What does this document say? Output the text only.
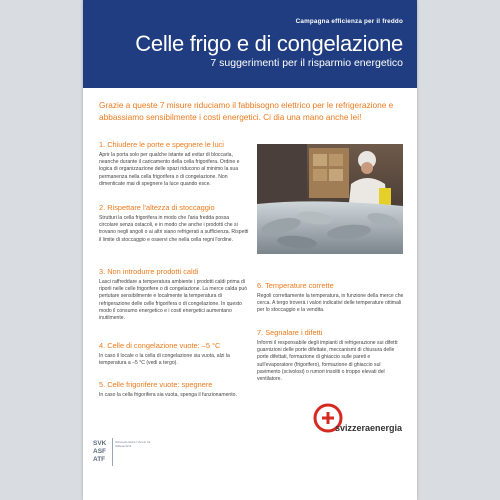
Campagna efficienza per il freddo
Celle frigo e di congelazione
7 suggerimenti per il risparmio energetico
Grazie a queste 7 misure riduciamo il fabbisogno elettrico per le refrigerazione e abbassiamo sensibilmente i costi energetici. Ci dia una mano anche lei!
1. Chiudere le porte e spegnere le luci

Aprir la porta solo per qualche istante ad evitar di bloccarla, neanche durante il caricamento della cella frigorifera. Ordine e logica di organizzazione delle spazi riducono al minimo la sua permanenza nella cella frigorifera o di congelazione. Non dimenticate mai di spegnere la luce quando esce.

2. Rispettare l'altezza di stoccaggio

Strutturi la cella frigorifera in modo che l'aria fredda possa circolare senza ostacoli, e in modo che anche i prodotti che si trovano negli angoli o ai altri siano refrigerati a sufficienza. Rispetti il limite di stoccaggio e osservi che nella cella regni l'ordine.

3. Non introdurre prodotti caldi

Lasci raffreddare a temperatura ambiente i prodotti caldi prima di riporli nelle celle frigorifere o di congelazione. La merce calda può pertutare sensibilmente e localmente la temperatura di refrigerazione delle celle frigorifera o di congelazione. In questo modo il consumo energetico e i costi energetici aumentano inutilmente.

4. Celle di congelazione vuote: –5 °C

In caso il locale o la cella di congelazione sia vuota, alzi la temperatura a –5 °C (vedi a tergo).

5. Celle frigorifere vuote: spegnere

In caso la cella frigorifera sia vuota, spenga il funzionamento.

6. Temperature corrette

Regoli correttamente la temperatura, in funzione della merce che cerca. A tergo troverà i valori indicativi delle temperature ottimali per lo stoccaggio e la vendita.

7. Segnalare i difetti

Informi il responsabile degli impianti di refrigerazione sui difetti: guarnizioni delle porte difettate, meccanismi di chiusura delle porte difettati, formazione di ghiaccio sulle pareti e sull'evaporatore (frigorifero), formazione di ghiaccio sul pavimento (scivolosi) o rumori insoliti o troppo elevati del ventilatore.

SVK
ASF
ATF
Schweizerischer Verein für Kältetechnik
svizzeraenergia
